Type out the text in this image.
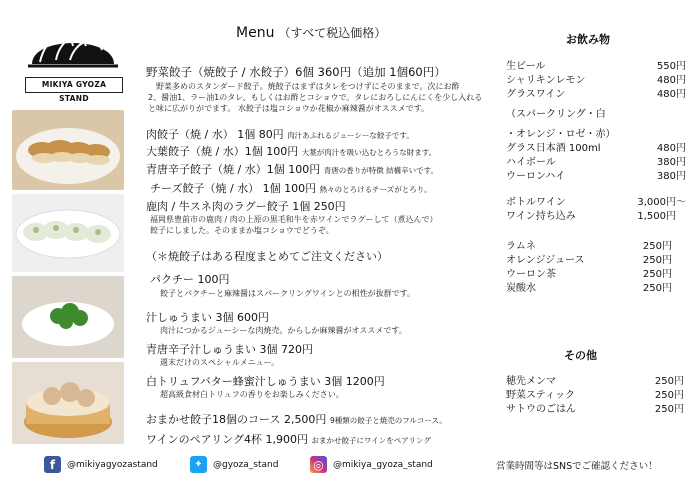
MIKIYA GYOZA STAND
Menu （すべて税込価格）
野菜餃子（焼餃子 / 水餃子）6個 360円（追加 1個60円）
野菜多めのスタンダード餃子。焼餃子はまずはタレをつけずにそのままで。次にお酢
2、醤油1、ラー油1のタレ、もしくはお酢とコショウで。タレにおろしにんにくを少し入れる
と味に広がりがでます。 水餃子は塩コショウか花椒か麻辣醤がオススメです。
肉餃子（焼 / 水） 1個 80円 肉汁あふれるジューシーな餃子です。
大葉餃子（焼 / 水）1個 100円 大葉が肉汁を吸い込むとろうな財ます。
青唐辛子餃子（焼 / 水）1個 100円 青唐の香りが特徴 結構辛いです。
チーズ餃子（焼 / 水） 1個 100円 熱々のとろけるチーズがとろり。
鹿肉 / 牛スネ肉のラグー餃子 1個 250円
福岡県豊前市の鹿肉 / 肉の上原の黒毛和牛を赤ワインでラグーして（煮込んで）
餃子にしました。そのままか塩コショウでどうぞ。
（＊焼餃子はある程度まとめてご注文ください）
パクチー 100円
餃子とパクチーと麻辣醤はスパークリングワインとの相性が抜群です。
汁しゅうまい 3個 600円
肉汁につかるジューシーな肉焼売。からしか麻辣醤がオススメです。
青唐辛子汁しゅうまい 3個 720円
週末だけのスペシャルメニュー。
白トリュフバター蜂蜜汁しゅうまい 3個 1200円
超高級食材白トリュフの香りをお楽しみください。
おまかせ餃子18個のコース 2,500円 9種類の餃子と焼売のフルコース。
ワインのペアリング4杯 1,900円 おまかせ餃子にワインをペアリング
お飲み物
生ビール	550円
シャリキンレモン	480円
グラスワイン	480円
（スパークリング・白
・オレンジ・ロゼ・赤）
グラス日本酒 100ml	480円
ハイボール	380円
ウーロンハイ	380円
ボトルワイン	3,000円～
ワイン持ち込み	1,500円
ラムネ	250円
オレンジジュース	250円
ウーロン茶	250円
炭酸水	250円
その他
穂先メンマ	250円
野菜スティック	250円
サトウのごはん	250円
f	@mikiyagyozastand	✦	@gyoza_stand	◎	@mikiya_gyoza_stand	営業時間等はSNSでご確認ください！
